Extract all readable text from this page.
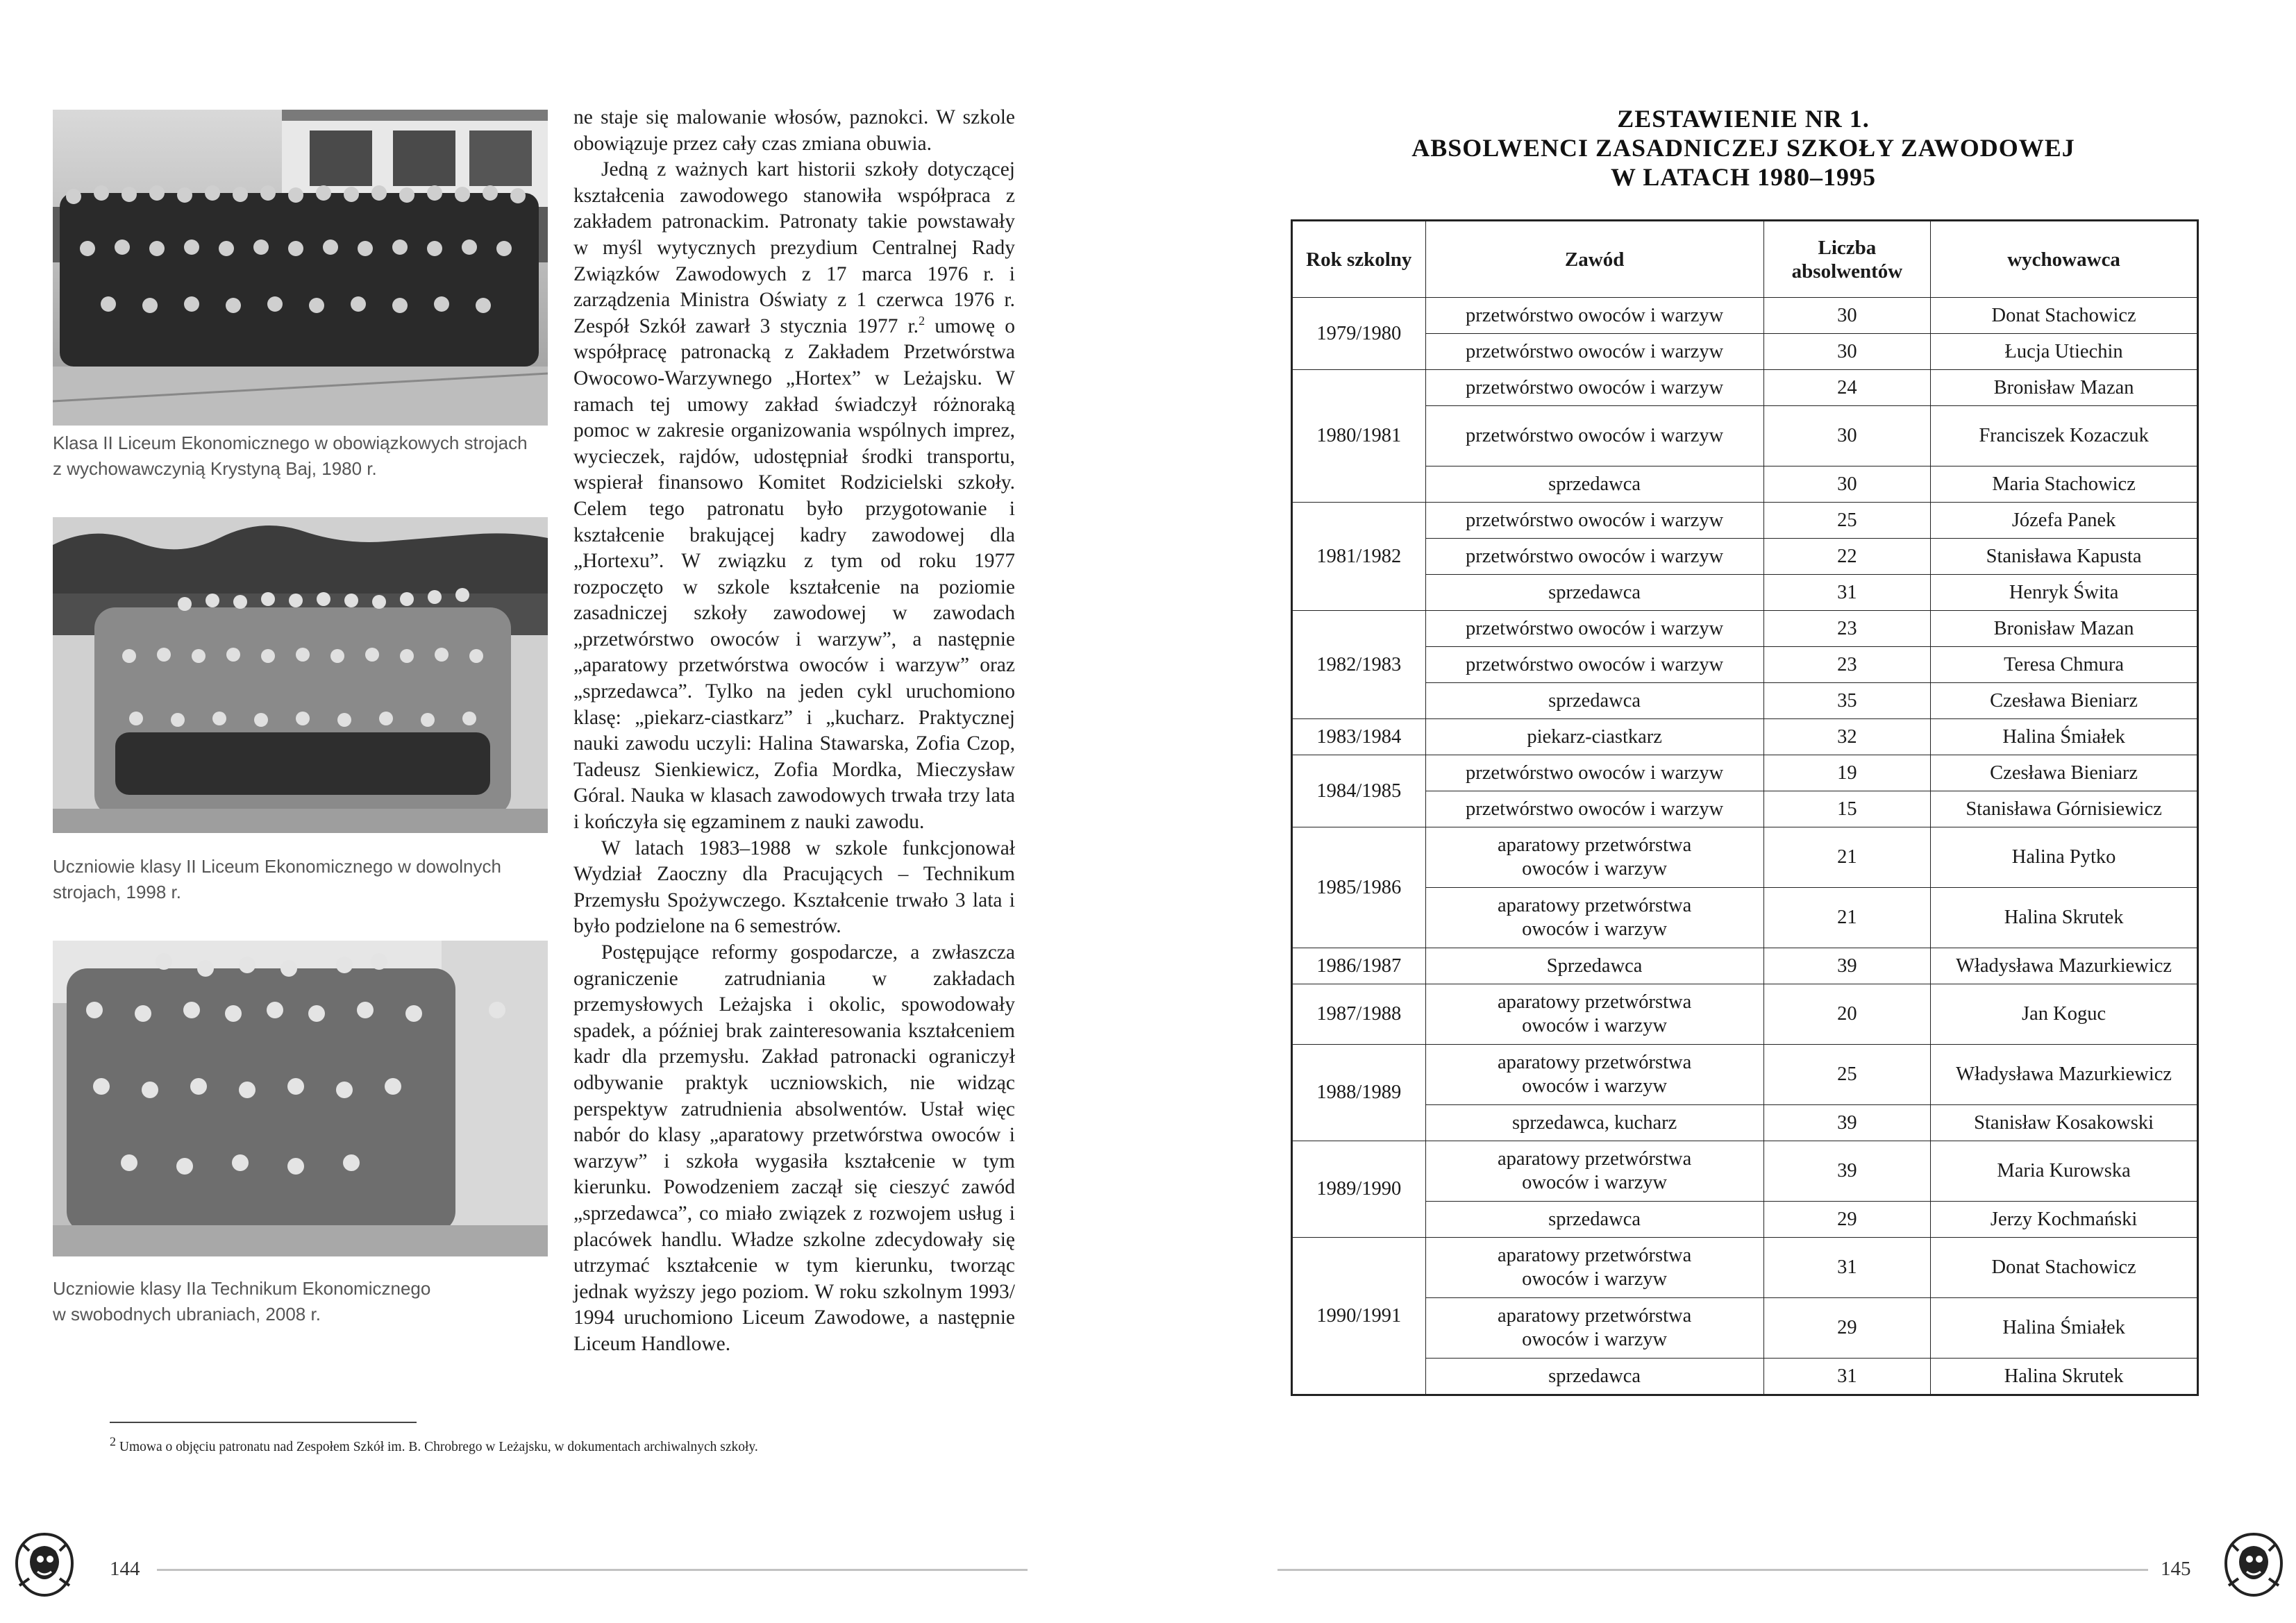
Klasa II Liceum Ekonomicznego w obowiązkowych strojach
z wychowawczynią Krystyną Baj, 1980 r.
Uczniowie klasy II Liceum Ekonomicznego w dowolnych
strojach, 1998 r.
Uczniowie klasy IIa Technikum Ekonomicznego
w swobodnych ubraniach, 2008 r.

ne staje się malowanie włosów, paznokci. W szkole obowiązuje przez cały czas zmiana obuwia.

Jedną z ważnych kart historii szkoły dotyczącej kształcenia zawodowego stanowiła współpraca z zakładem patronackim. Patronaty takie powstawały w myśl wytycznych prezydium Centralnej Rady Związków Zawodowych z 17 marca 1976 r. i zarządzenia Ministra Oświaty z 1 czerwca 1976 r. Zespół Szkół zawarł 3 stycznia 1977 r.$^2$ umowę o współpracę patronacką z Zakładem Przetwórstwa Owocowo-Warzywnego „Hortex” w Leżajsku. W ramach tej umowy zakład świadczył różnoraką pomoc w zakresie organizowania wspólnych imprez, wycieczek, rajdów, udostępniał środki transportu, wspierał finansowo Komitet Rodzicielski szkoły. Celem tego patronatu było przygotowanie i kształcenie brakującej kadry zawodowej dla „Hortexu”. W związku z tym od roku 1977 rozpoczęto w szkole kształcenie na poziomie zasadniczej szkoły zawodowej w zawodach „przetwórstwo owoców i warzyw”, a następnie „aparatowy przetwórstwa owoców i warzyw” oraz „sprzedawca”. Tylko na jeden cykl uruchomiono klasę: „piekarz-ciastkarz” i „kucharz. Praktycznej nauki zawodu uczyli: Halina Stawarska, Zofia Czop, Tadeusz Sienkiewicz, Zofia Mordka, Mieczysław Góral. Nauka w klasach zawodowych trwała trzy lata i kończyła się egzaminem z nauki zawodu.

W latach 1983–1988 w szkole funkcjonował Wydział Zaoczny dla Pracujących – Technikum Przemysłu Spożywczego. Kształcenie trwało 3 lata i było podzielone na 6 semestrów.

Postępujące reformy gospodarcze, a zwłaszcza ograniczenie zatrudniania w zakładach przemysłowych Leżajska i okolic, spowodowały spadek, a później brak zainteresowania kształceniem kadr dla przemysłu. Zakład patronacki ograniczył odbywanie praktyk uczniowskich, nie widząc perspektyw zatrudnienia absolwentów. Ustał więc nabór do klasy „aparatowy przetwórstwa owoców i warzyw” i szkoła wygasiła kształcenie w tym kierunku. Powodzeniem zaczął się cieszyć zawód „sprzedawca”, co miało związek z rozwojem usług i placówek handlu. Władze szkolne zdecydowały się utrzymać kształcenie w tym kierunku, tworząc jednak wyższy jego poziom. W roku szkolnym 1993/ 1994 uruchomiono Liceum Zawodowe, a następnie Liceum Handlowe.

$^2$ Umowa o objęciu patronatu nad Zespołem Szkół im. B. Chrobrego w Leżajsku, w dokumentach archiwalnych szkoły.
144
ZESTAWIENIE NR 1.
ABSOLWENCI ZASADNICZEJ SZKOŁY ZAWODOWEJ
W LATACH 1980–1995
Rok szkolny	Zawód	Liczba absolwentów	wychowawca
1979/1980	przetwórstwo owoców i warzyw	30	Donat Stachowicz
	przetwórstwo owoców i warzyw	30	Łucja Utiechin
1980/1981	przetwórstwo owoców i warzyw	24	Bronisław Mazan
	przetwórstwo owoców i warzyw	30	Franciszek Kozaczuk
	sprzedawca	30	Maria Stachowicz
1981/1982	przetwórstwo owoców i warzyw	25	Józefa Panek
	przetwórstwo owoców i warzyw	22	Stanisława Kapusta
	sprzedawca	31	Henryk Świta
1982/1983	przetwórstwo owoców i warzyw	23	Bronisław Mazan
	przetwórstwo owoców i warzyw	23	Teresa Chmura
	sprzedawca	35	Czesława Bieniarz
1983/1984	piekarz-ciastkarz	32	Halina Śmiałek
1984/1985	przetwórstwo owoców i warzyw	19	Czesława Bieniarz
	przetwórstwo owoców i warzyw	15	Stanisława Górnisiewicz
1985/1986	aparatowy przetwórstwa owoców i warzyw	21	Halina Pytko
	aparatowy przetwórstwa owoców i warzyw	21	Halina Skrutek
1986/1987	Sprzedawca	39	Władysława Mazurkiewicz
1987/1988	aparatowy przetwórstwa owoców i warzyw	20	Jan Koguc
1988/1989	aparatowy przetwórstwa owoców i warzyw	25	Władysława Mazurkiewicz
	sprzedawca, kucharz	39	Stanisław Kosakowski
1989/1990	aparatowy przetwórstwa owoców i warzyw	39	Maria Kurowska
	sprzedawca	29	Jerzy Kochmański
1990/1991	aparatowy przetwórstwa owoców i warzyw	31	Donat Stachowicz
	aparatowy przetwórstwa owoców i warzyw	29	Halina Śmiałek
	sprzedawca	31	Halina Skrutek
145
